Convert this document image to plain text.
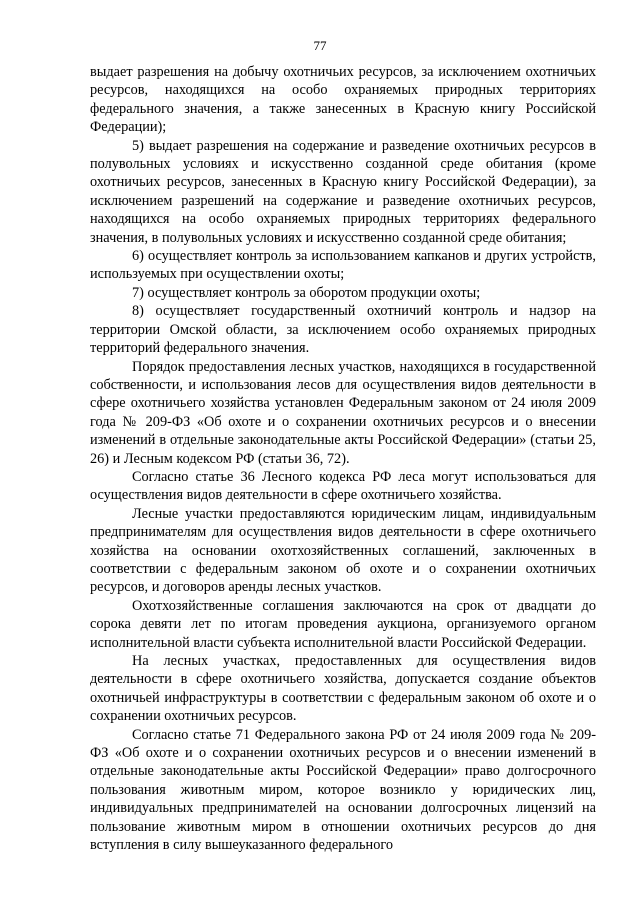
77

выдает разрешения на добычу охотничьих ресурсов, за исключением охотничьих ресурсов, находящихся на особо охраняемых природных территориях федерального значения, а также занесенных в Красную книгу Российской Федерации);

5) выдает разрешения на содержание и разведение охотничьих ресурсов в полувольных условиях и искусственно созданной среде обитания (кроме охотничьих ресурсов, занесенных в Красную книгу Российской Федерации), за исключением разрешений на содержание и разведение охотничьих ресурсов, находящихся на особо охраняемых природных территориях федерального значения, в полувольных условиях и искусственно созданной среде обитания;

6) осуществляет контроль за использованием капканов и других устройств, используемых при осуществлении охоты;

7) осуществляет контроль за оборотом продукции охоты;

8) осуществляет государственный охотничий контроль и надзор на территории Омской области, за исключением особо охраняемых природных территорий федерального значения.

Порядок предоставления лесных участков, находящихся в государственной собственности, и использования лесов для осуществления видов деятельности в сфере охотничьего хозяйства установлен Федеральным законом от 24 июля 2009 года № 209-ФЗ «Об охоте и о сохранении охотничьих ресурсов и о внесении изменений в отдельные законодательные акты Российской Федерации» (статьи 25, 26) и Лесным кодексом РФ (статьи 36, 72).

Согласно статье 36 Лесного кодекса РФ леса могут использоваться для осуществления видов деятельности в сфере охотничьего хозяйства.

Лесные участки предоставляются юридическим лицам, индивидуальным предпринимателям для осуществления видов деятельности в сфере охотничьего хозяйства на основании охотхозяйственных соглашений, заключенных в соответствии с федеральным законом об охоте и о сохранении охотничьих ресурсов, и договоров аренды лесных участков.

Охотхозяйственные соглашения заключаются на срок от двадцати до сорока девяти лет по итогам проведения аукциона, организуемого органом исполнительной власти субъекта исполнительной власти Российской Федерации.

На лесных участках, предоставленных для осуществления видов деятельности в сфере охотничьего хозяйства, допускается создание объектов охотничьей инфраструктуры в соответствии с федеральным законом об охоте и о сохранении охотничьих ресурсов.

Согласно статье 71 Федерального закона РФ от 24 июля 2009 года № 209-ФЗ «Об охоте и о сохранении охотничьих ресурсов и о внесении изменений в отдельные законодательные акты Российской Федерации» право долгосрочного пользования животным миром, которое возникло у юридических лиц, индивидуальных предпринимателей на основании долгосрочных лицензий на пользование животным миром в отношении охотничьих ресурсов до дня вступления в силу вышеуказанного федерального
